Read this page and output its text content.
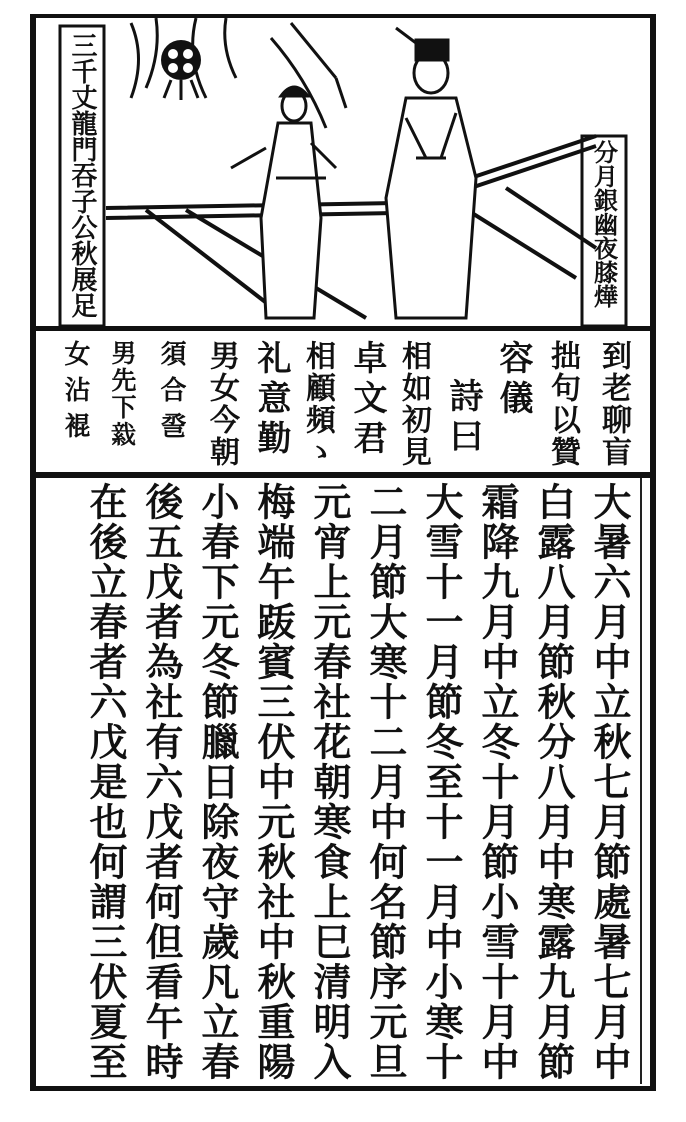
三千丈龍門吞子公秋展足	分月銀幽夜膝燁
到老聊盲
拙句以贊
容儀
詩曰
相如初見
卓文君
相顧頻ゝ
礼意勤
男女今朝
須合巹
男先下𦁋
女沾裩
大暑六月中立秋七月節處暑七月中
白露八月節秋分八月中寒露九月節
霜降九月中立冬十月節小雪十月中
大雪十一月節冬至十一月中小寒十
二月節大寒十二月中何名節序元旦
元宵上元春社花朝寒食上巳清明入
梅端午䟦賓三伏中元秋社中秋重陽
小春下元冬節臘日除夜守歲凡立春
後五戊者為社有六戊者何但看午時
在後立春者六戊是也何謂三伏夏至
